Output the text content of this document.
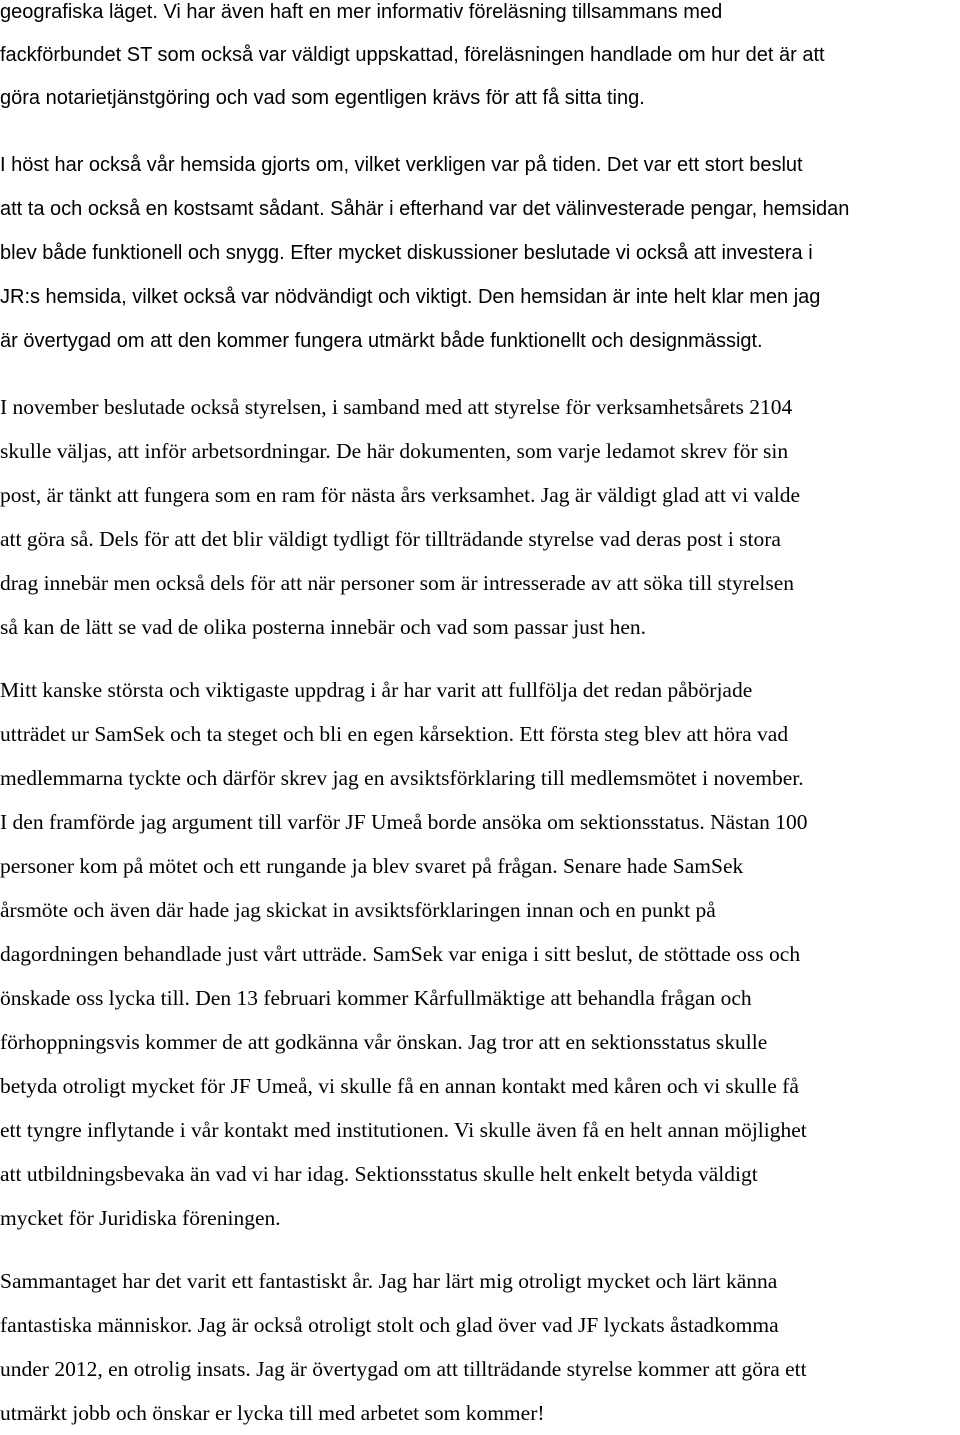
geografiska läget. Vi har även haft en mer informativ föreläsning tillsammans med
fackförbundet ST som också var väldigt uppskattad, föreläsningen handlade om hur det är att
göra notarietjänstgöring och vad som egentligen krävs för att få sitta ting.
I höst har också vår hemsida gjorts om, vilket verkligen var på tiden. Det var ett stort beslut
att ta och också en kostsamt sådant. Såhär i efterhand var det välinvesterade pengar, hemsidan
blev både funktionell och snygg. Efter mycket diskussioner beslutade vi också att investera i
JR:s hemsida, vilket också var nödvändigt och viktigt. Den hemsidan är inte helt klar men jag
är övertygad om att den kommer fungera utmärkt både funktionellt och designmässigt.
I november beslutade också styrelsen, i samband med att styrelse för verksamhetsårets 2104
skulle väljas, att inför arbetsordningar. De här dokumenten, som varje ledamot skrev för sin
post, är tänkt att fungera som en ram för nästa års verksamhet. Jag är väldigt glad att vi valde
att göra så. Dels för att det blir väldigt tydligt för tillträdande styrelse vad deras post i stora
drag innebär men också dels för att när personer som är intresserade av att söka till styrelsen
så kan de lätt se vad de olika posterna innebär och vad som passar just hen.
Mitt kanske största och viktigaste uppdrag i år har varit att fullfölja det redan påbörjade
utträdet ur SamSek och ta steget och bli en egen kårsektion. Ett första steg blev att höra vad
medlemmarna tyckte och därför skrev jag en avsiktsförklaring till medlemsmötet i november.
I den framförde jag argument till varför JF Umeå borde ansöka om sektionsstatus. Nästan 100
personer kom på mötet och ett rungande ja blev svaret på frågan. Senare hade SamSek
årsmöte och även där hade jag skickat in avsiktsförklaringen innan och en punkt på
dagordningen behandlade just vårt utträde. SamSek var eniga i sitt beslut, de stöttade oss och
önskade oss lycka till. Den 13 februari kommer Kårfullmäktige att behandla frågan och
förhoppningsvis kommer de att godkänna vår önskan. Jag tror att en sektionsstatus skulle
betyda otroligt mycket för JF Umeå, vi skulle få en annan kontakt med kåren och vi skulle få
ett tyngre inflytande i vår kontakt med institutionen. Vi skulle även få en helt annan möjlighet
att utbildningsbevaka än vad vi har idag. Sektionsstatus skulle helt enkelt betyda väldigt
mycket för Juridiska föreningen.
Sammantaget har det varit ett fantastiskt år. Jag har lärt mig otroligt mycket och lärt känna
fantastiska människor. Jag är också otroligt stolt och glad över vad JF lyckats åstadkomma
under 2012, en otrolig insats. Jag är övertygad om att tillträdande styrelse kommer att göra ett
utmärkt jobb och önskar er lycka till med arbetet som kommer!
